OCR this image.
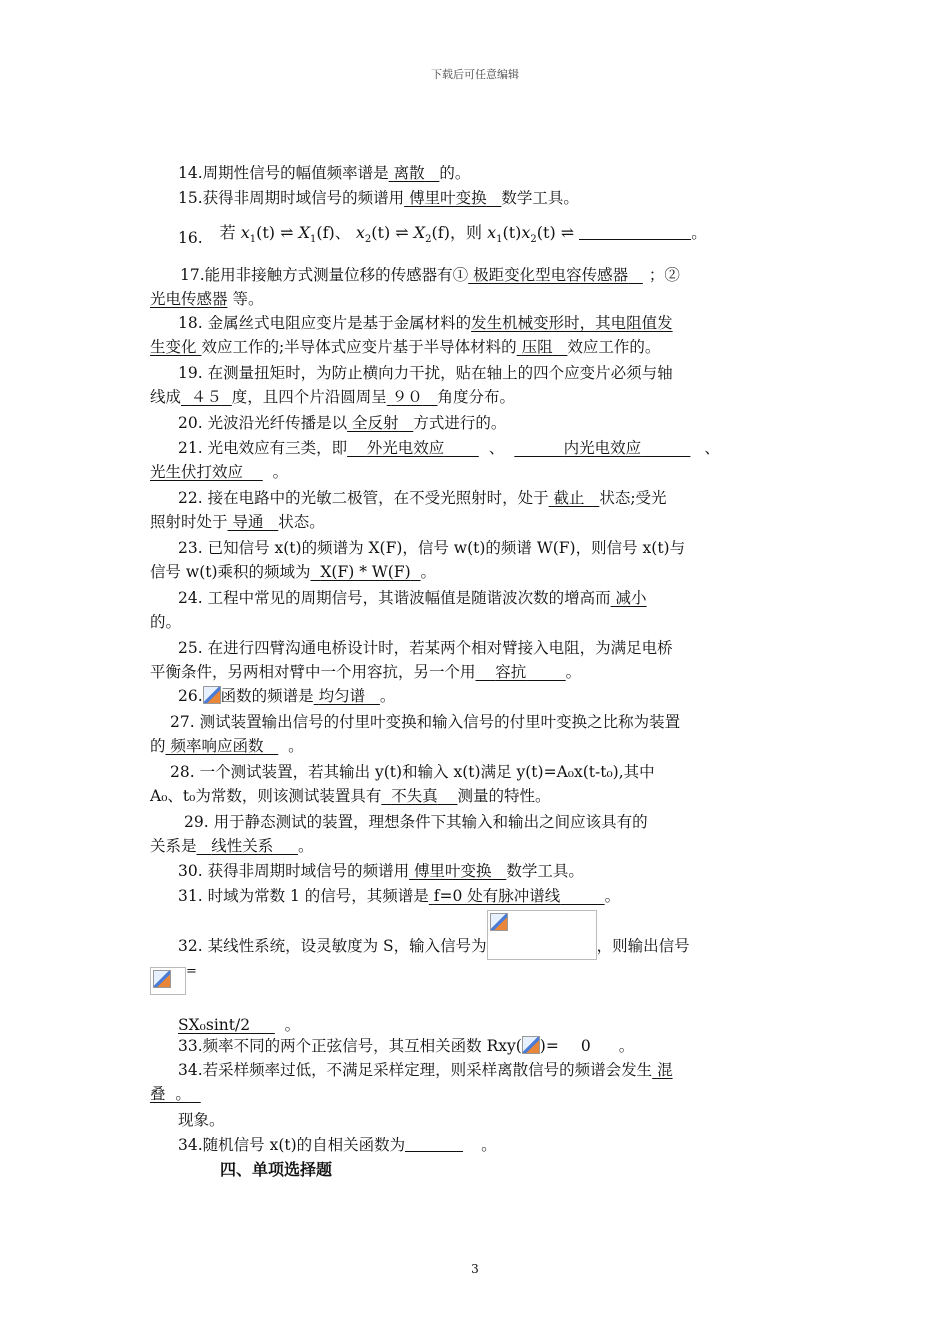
下载后可任意编辑
14.周期性信号的幅值频率谱是 离散 的。
15.获得非周期时域信号的频谱用 傅里叶变换 数学工具。
16. 若 $x_1(t)$ ⇌ $X_1(f)$、 $x_2(t)$ ⇌ $X_2(f)$，则 $x_1(t)x_2(t)$ ⇌	。
17.能用非接触方式测量位移的传感器有① 极距变化型电容传感器 ；②
光电传感器 等。
18. 金属丝式电阻应变片是基于金属材料的发生机械变形时，其电阻值发
生变化 效应工作的;半导体式应变片基于半导体材料的 压阻 效应工作的。
19. 在测量扭矩时，为防止横向力干扰，贴在轴上的四个应变片必须与轴
线成 ４５ 度，且四个片沿圆周呈 ９０ 角度分布。
20. 光波沿光纤传播是以 全反射 方式进行的。
21. 光电效应有三类，即 外光电效应	、	内光电效应	、
光生伏打效应 。
22. 接在电路中的光敏二极管，在不受光照射时，处于 截止 状态;受光
照射时处于 导通 状态。
23. 已知信号 x(t)的频谱为 X(F)，信号 w(t)的频谱 W(F)，则信号 x(t)与
信号 w(t)乘积的频域为 X(F) * W(F) 。
24. 工程中常见的周期信号，其谐波幅值是随谐波次数的增高而 减小
的。
25. 在进行四臂沟通电桥设计时，若某两个相对臂接入电阻，为满足电桥
平衡条件，另两相对臂中一个用容抗，另一个用 容抗	。
26. 函数的频谱是 均匀谱 。
27. 测试装置输出信号的付里叶变换和输入信号的付里叶变换之比称为装置
的 频率响应函数 。
28. 一个测试装置，若其输出 y(t)和输入 x(t)满足 y(t)=A₀x(t-t₀),其中
A₀、t₀为常数，则该测试装置具有 不失真 测量的特性。
29. 用于静态测试的装置，理想条件下其输入和输出之间应该具有的
关系是 线性关系 。
30. 获得非周期时域信号的频谱用 傅里叶变换 数学工具。
31. 时域为常数 1 的信号，其频谱是 f=0 处有脉冲谱线	。
32. 某线性系统，设灵敏度为 S，输入信号为	，则输出信号
=
SX₀sint/2 。
33.频率不同的两个正弦信号，其互相关函数 Rxy( )= 0 。
34.若采样频率过低，不满足采样定理，则采样离散信号的频谱会发生 混
叠 。
现象。
34.随机信号 x(t)的自相关函数为	。
四、单项选择题
3
